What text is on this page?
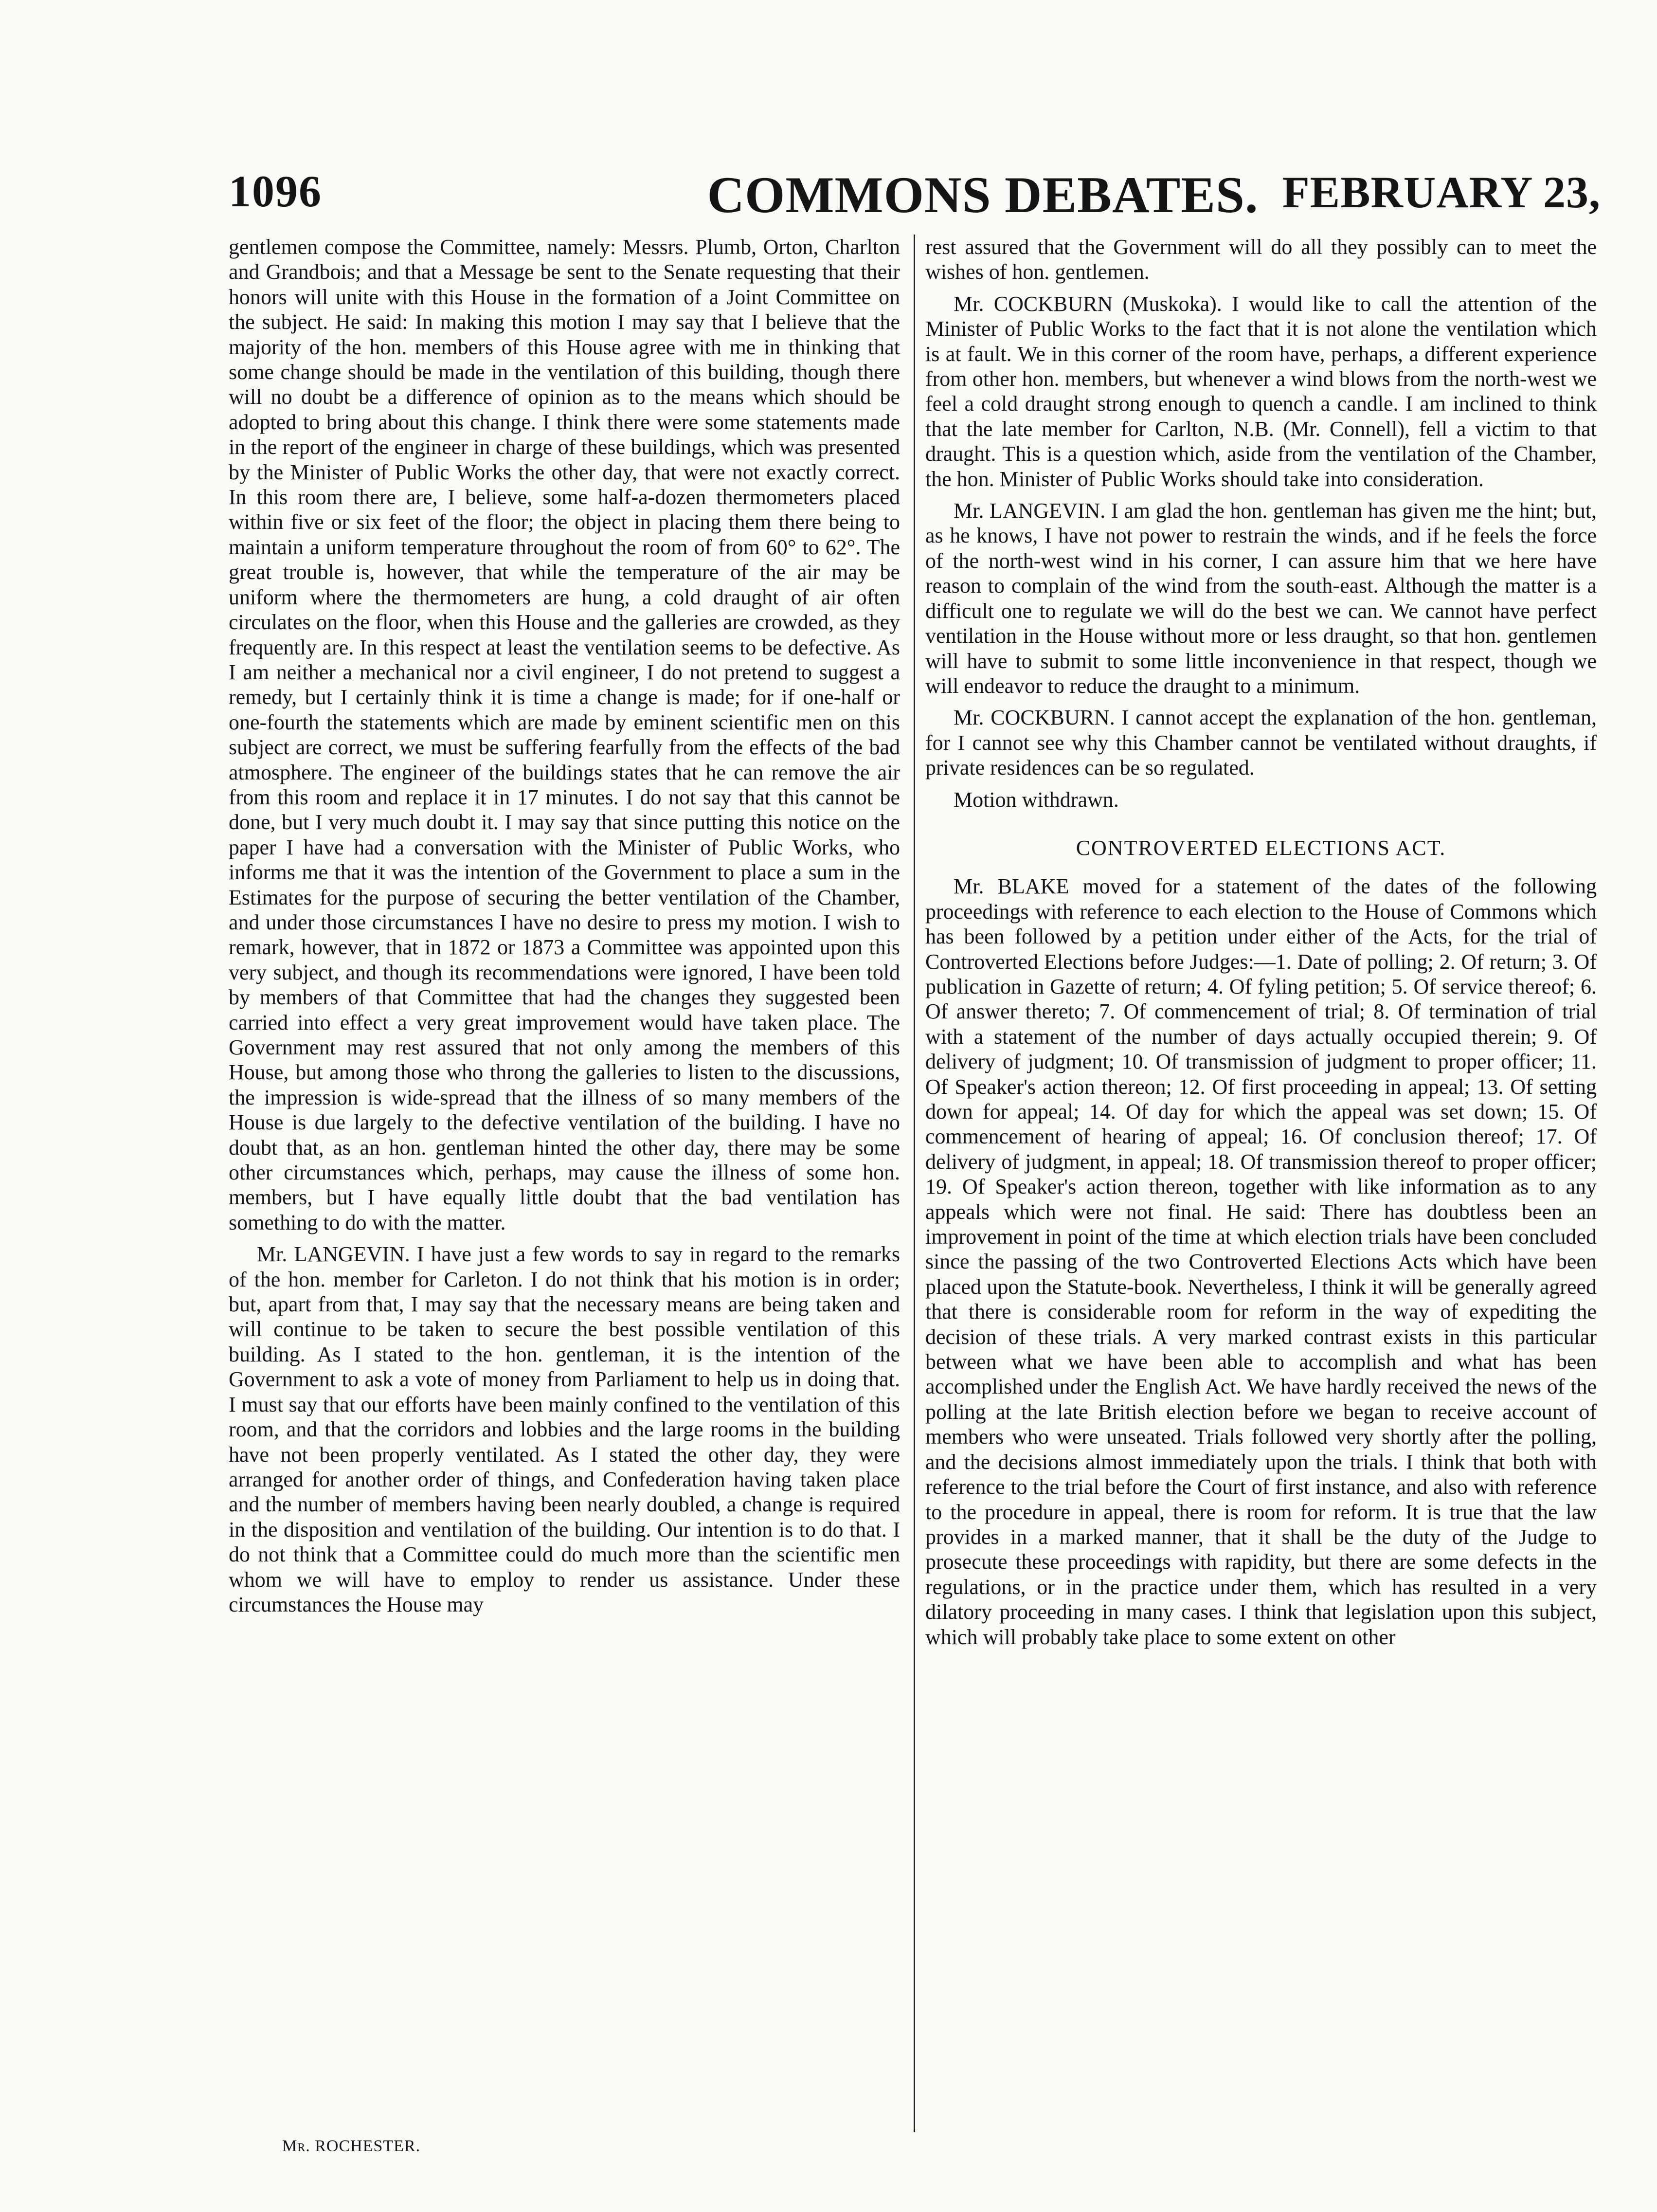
1096	COMMONS DEBATES. FEBRUARY 23,

gentlemen compose the Committee, namely: Messrs. Plumb, Orton, Charlton and Grandbois; and that a Message be sent to the Senate requesting that their honors will unite with this House in the formation of a Joint Committee on the subject. He said: In making this motion I may say that I believe that the majority of the hon. members of this House agree with me in thinking that some change should be made in the ventilation of this building, though there will no doubt be a difference of opinion as to the means which should be adopted to bring about this change. I think there were some statements made in the report of the engineer in charge of these buildings, which was presented by the Minister of Public Works the other day, that were not exactly correct. In this room there are, I believe, some half-a-dozen thermometers placed within five or six feet of the floor; the object in placing them there being to maintain a uniform temperature throughout the room of from 60° to 62°. The great trouble is, however, that while the temperature of the air may be uniform where the thermometers are hung, a cold draught of air often circulates on the floor, when this House and the galleries are crowded, as they frequently are. In this respect at least the ventilation seems to be defective. As I am neither a mechanical nor a civil engineer, I do not pretend to suggest a remedy, but I certainly think it is time a change is made; for if one-half or one-fourth the statements which are made by eminent scientific men on this subject are correct, we must be suffering fearfully from the effects of the bad atmosphere. The engineer of the buildings states that he can remove the air from this room and replace it in 17 minutes. I do not say that this cannot be done, but I very much doubt it. I may say that since putting this notice on the paper I have had a conversation with the Minister of Public Works, who informs me that it was the intention of the Government to place a sum in the Estimates for the purpose of securing the better ventilation of the Chamber, and under those circumstances I have no desire to press my motion. I wish to remark, however, that in 1872 or 1873 a Committee was appointed upon this very subject, and though its recommendations were ignored, I have been told by members of that Committee that had the changes they suggested been carried into effect a very great improvement would have taken place. The Government may rest assured that not only among the members of this House, but among those who throng the galleries to listen to the discussions, the impression is wide-spread that the illness of so many members of the House is due largely to the defective ventilation of the building. I have no doubt that, as an hon. gentleman hinted the other day, there may be some other circumstances which, perhaps, may cause the illness of some hon. members, but I have equally little doubt that the bad ventilation has something to do with the matter.

Mr. LANGEVIN. I have just a few words to say in regard to the remarks of the hon. member for Carleton. I do not think that his motion is in order; but, apart from that, I may say that the necessary means are being taken and will continue to be taken to secure the best possible ventilation of this building. As I stated to the hon. gentleman, it is the intention of the Government to ask a vote of money from Parliament to help us in doing that. I must say that our efforts have been mainly confined to the ventilation of this room, and that the corridors and lobbies and the large rooms in the building have not been properly ventilated. As I stated the other day, they were arranged for another order of things, and Confederation having taken place and the number of members having been nearly doubled, a change is required in the disposition and ventilation of the building. Our intention is to do that. I do not think that a Committee could do much more than the scientific men whom we will have to employ to render us assistance. Under these circumstances the House may

rest assured that the Government will do all they possibly can to meet the wishes of hon. gentlemen.

Mr. COCKBURN (Muskoka). I would like to call the attention of the Minister of Public Works to the fact that it is not alone the ventilation which is at fault. We in this corner of the room have, perhaps, a different experience from other hon. members, but whenever a wind blows from the north-west we feel a cold draught strong enough to quench a candle. I am inclined to think that the late member for Carlton, N.B. (Mr. Connell), fell a victim to that draught. This is a question which, aside from the ventilation of the Chamber, the hon. Minister of Public Works should take into consideration.

Mr. LANGEVIN. I am glad the hon. gentleman has given me the hint; but, as he knows, I have not power to restrain the winds, and if he feels the force of the north-west wind in his corner, I can assure him that we here have reason to complain of the wind from the south-east. Although the matter is a difficult one to regulate we will do the best we can. We cannot have perfect ventilation in the House without more or less draught, so that hon. gentlemen will have to submit to some little inconvenience in that respect, though we will endeavor to reduce the draught to a minimum.

Mr. COCKBURN. I cannot accept the explanation of the hon. gentleman, for I cannot see why this Chamber cannot be ventilated without draughts, if private residences can be so regulated.

Motion withdrawn.

CONTROVERTED ELECTIONS ACT.

Mr. BLAKE moved for a statement of the dates of the following proceedings with reference to each election to the House of Commons which has been followed by a petition under either of the Acts, for the trial of Controverted Elections before Judges:—1. Date of polling; 2. Of return; 3. Of publication in Gazette of return; 4. Of fyling petition; 5. Of service thereof; 6. Of answer thereto; 7. Of commencement of trial; 8. Of termination of trial with a statement of the number of days actually occupied therein; 9. Of delivery of judgment; 10. Of transmission of judgment to proper officer; 11. Of Speaker's action thereon; 12. Of first proceeding in appeal; 13. Of setting down for appeal; 14. Of day for which the appeal was set down; 15. Of commencement of hearing of appeal; 16. Of conclusion thereof; 17. Of delivery of judgment, in appeal; 18. Of transmission thereof to proper officer; 19. Of Speaker's action thereon, together with like information as to any appeals which were not final. He said: There has doubtless been an improvement in point of the time at which election trials have been concluded since the passing of the two Controverted Elections Acts which have been placed upon the Statute-book. Nevertheless, I think it will be generally agreed that there is considerable room for reform in the way of expediting the decision of these trials. A very marked contrast exists in this particular between what we have been able to accomplish and what has been accomplished under the English Act. We have hardly received the news of the polling at the late British election before we began to receive account of members who were unseated. Trials followed very shortly after the polling, and the decisions almost immediately upon the trials. I think that both with reference to the trial before the Court of first instance, and also with reference to the procedure in appeal, there is room for reform. It is true that the law provides in a marked manner, that it shall be the duty of the Judge to prosecute these proceedings with rapidity, but there are some defects in the regulations, or in the practice under them, which has resulted in a very dilatory proceeding in many cases. I think that legislation upon this subject, which will probably take place to some extent on other

Mr. ROCHESTER.
